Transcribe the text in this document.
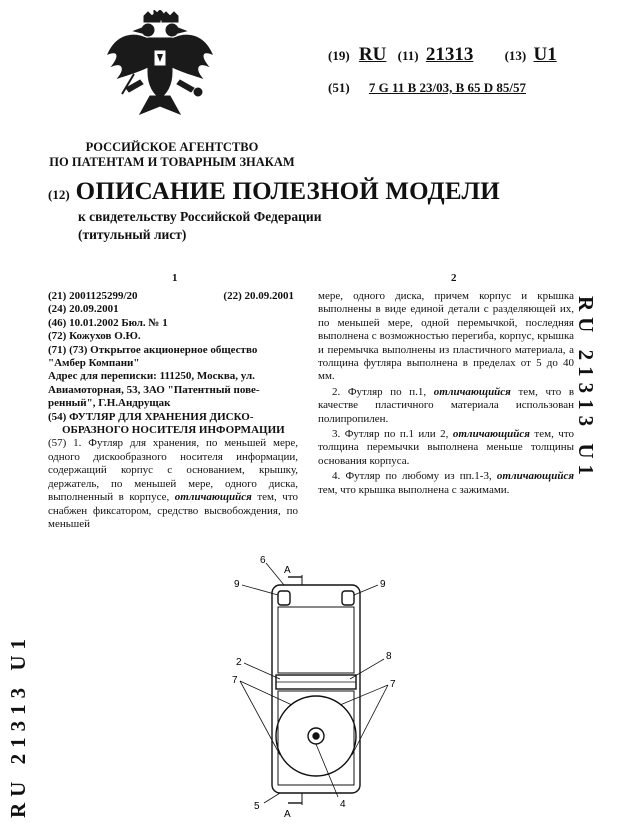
(19) RU (11) 21313 (13) U1
(51) 7 G 11 B 23/03, B 65 D 85/57
РОССИЙСКОЕ АГЕНТСТВО
ПО ПАТЕНТАМ И ТОВАРНЫМ ЗНАКАМ
(12) ОПИСАНИЕ ПОЛЕЗНОЙ МОДЕЛИ
к свидетельству Российской Федерации
(титульный лист)
1	2
(21) 2001125299/20	(22) 20.09.2001
(24) 20.09.2001
(46) 10.01.2002 Бюл. № 1
(72) Кожухов О.Ю.
(71) (73) Открытое акционерное общество
"Амбер Компани"
Адрес для переписки: 111250, Москва, ул.
Авиамоторная, 53, ЗАО "Патентный пове-
ренный", Г.Н.Андрущак
(54) ФУТЛЯР ДЛЯ ХРАНЕНИЯ ДИСКО-
ОБРАЗНОГО НОСИТЕЛЯ ИНФОРМАЦИИ

(57) 1. Футляр для хранения, по меньшей мере, одного дискообразного носителя информации, содержащий корпус с основанием, крышку, держатель, по меньшей мере, одного диска, выполненный в корпусе, отличающийся тем, что снабжен фиксатором, средство высвобождения, по меньшей

мере, одного диска, причем корпус и крышка выполнены в виде единой детали с разделяющей их, по меньшей мере, одной перемычкой, последняя выполнена с возможностью перегиба, корпус, крышка и перемычка выполнены из пластичного материала, а толщина футляра выполнена в пределах от 5 до 40 мм.

2. Футляр по п.1, отличающийся тем, что в качестве пластичного материала использован полипропилен.

3. Футляр по п.1 или 2, отличающийся тем, что толщина перемычки выполнена меньше толщины основания корпуса.

4. Футляр по любому из пп.1-3, отличающийся тем, что крышка выполнена с зажимами.

RU 21313 U1
RU 21313 U1
6
9	9
A
A
2
8
7	7
5	4
